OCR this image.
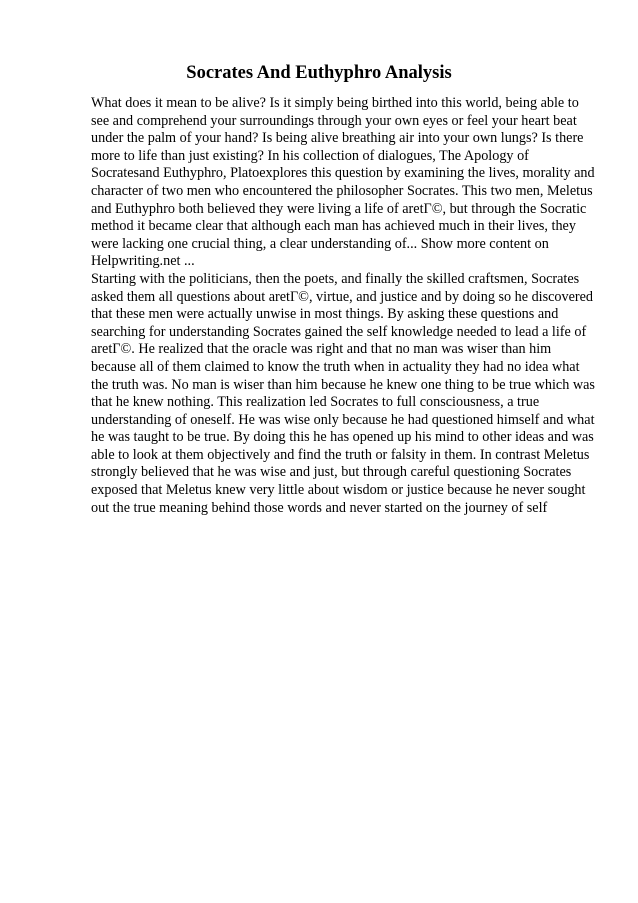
Socrates And Euthyphro Analysis

What does it mean to be alive? Is it simply being birthed into this world, being able to see and comprehend your surroundings through your own eyes or feel your heart beat under the palm of your hand? Is being alive breathing air into your own lungs? Is there more to life than just existing? In his collection of dialogues, The Apology of Socratesand Euthyphro, Platoexplores this question by examining the lives, morality and character of two men who encountered the philosopher Socrates. This two men, Meletus and Euthyphro both believed they were living a life of aretΓ©, but through the Socratic method it became clear that although each man has achieved much in their lives, they were lacking one crucial thing, a clear understanding of... Show more content on Helpwriting.net ...

Starting with the politicians, then the poets, and finally the skilled craftsmen, Socrates asked them all questions about aretΓ©, virtue, and justice and by doing so he discovered that these men were actually unwise in most things. By asking these questions and searching for understanding Socrates gained the self knowledge needed to lead a life of aretΓ©. He realized that the oracle was right and that no man was wiser than him because all of them claimed to know the truth when in actuality they had no idea what the truth was. No man is wiser than him because he knew one thing to be true which was that he knew nothing. This realization led Socrates to full consciousness, a true understanding of oneself. He was wise only because he had questioned himself and what he was taught to be true. By doing this he has opened up his mind to other ideas and was able to look at them objectively and find the truth or falsity in them. In contrast Meletus strongly believed that he was wise and just, but through careful questioning Socrates exposed that Meletus knew very little about wisdom or justice because he never sought out the true meaning behind those words and never started on the journey of self
